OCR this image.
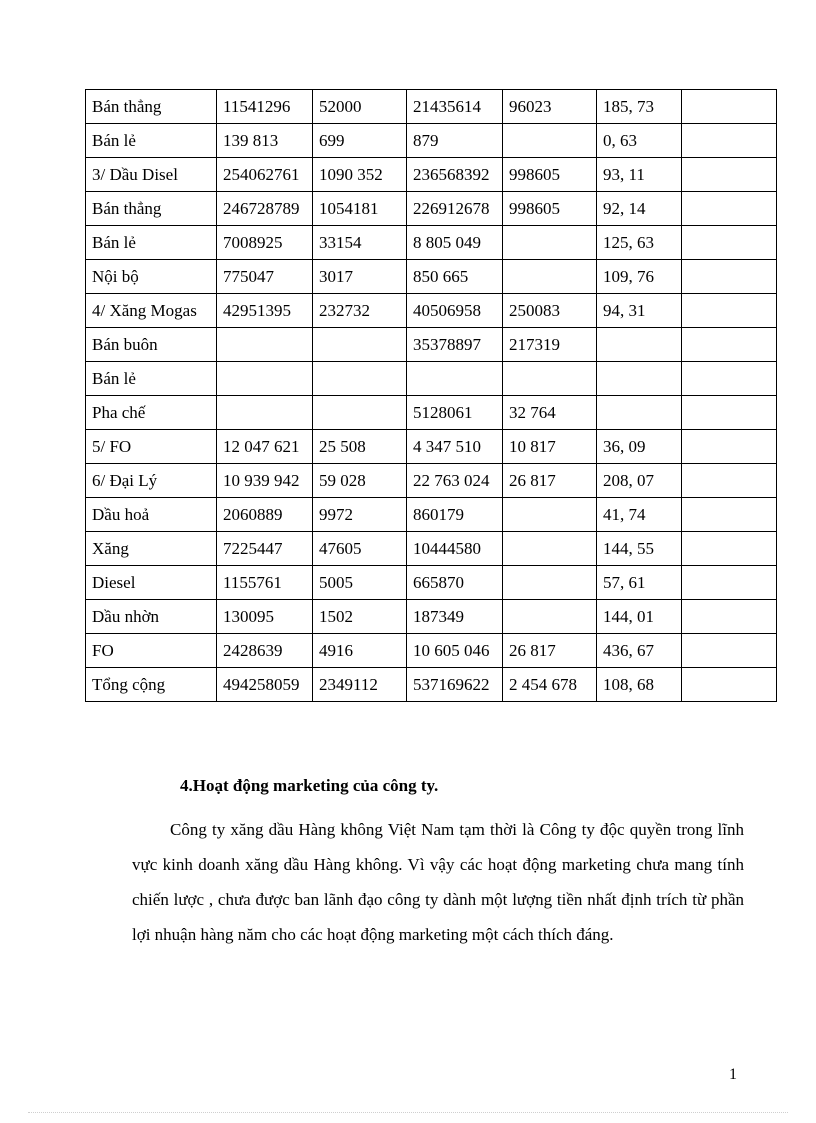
Bán thẳng	11541296	52000	21435614	96023	185, 73	
Bán lẻ	139 813	699	879		0, 63	
3/ Dầu Disel	254062761	1090 352	236568392	998605	93, 11	
Bán thẳng	246728789	1054181	226912678	998605	92, 14	
Bán lẻ	7008925	33154	8 805 049		125, 63	
Nội bộ	775047	3017	850 665		109, 76	
4/ Xăng Mogas	42951395	232732	40506958	250083	94, 31	
Bán buôn			35378897	217319		
Bán lẻ						
Pha chế			5128061	32 764		
5/ FO	12 047 621	25 508	4 347 510	10 817	36, 09	
6/ Đại Lý	10 939 942	59 028	22 763 024	26 817	208, 07	
Dầu hoả	2060889	9972	860179		41, 74	
Xăng	7225447	47605	10444580		144, 55	
Diesel	1155761	5005	665870		57, 61	
Dầu nhờn	130095	1502	187349		144, 01	
FO	2428639	4916	10 605 046	26 817	436, 67	
Tổng cộng	494258059	2349112	537169622	2 454 678	108, 68	

4.Hoạt động marketing của công ty.

Công ty xăng dầu Hàng không Việt Nam tạm thời là Công ty độc quyền trong lĩnh vực kinh doanh xăng dầu Hàng không. Vì vậy các hoạt động marketing chưa mang tính chiến lược , chưa được ban lãnh đạo công ty dành một lượng tiền nhất định trích từ phần lợi nhuận hàng năm cho các hoạt động marketing một cách thích đáng.

1
